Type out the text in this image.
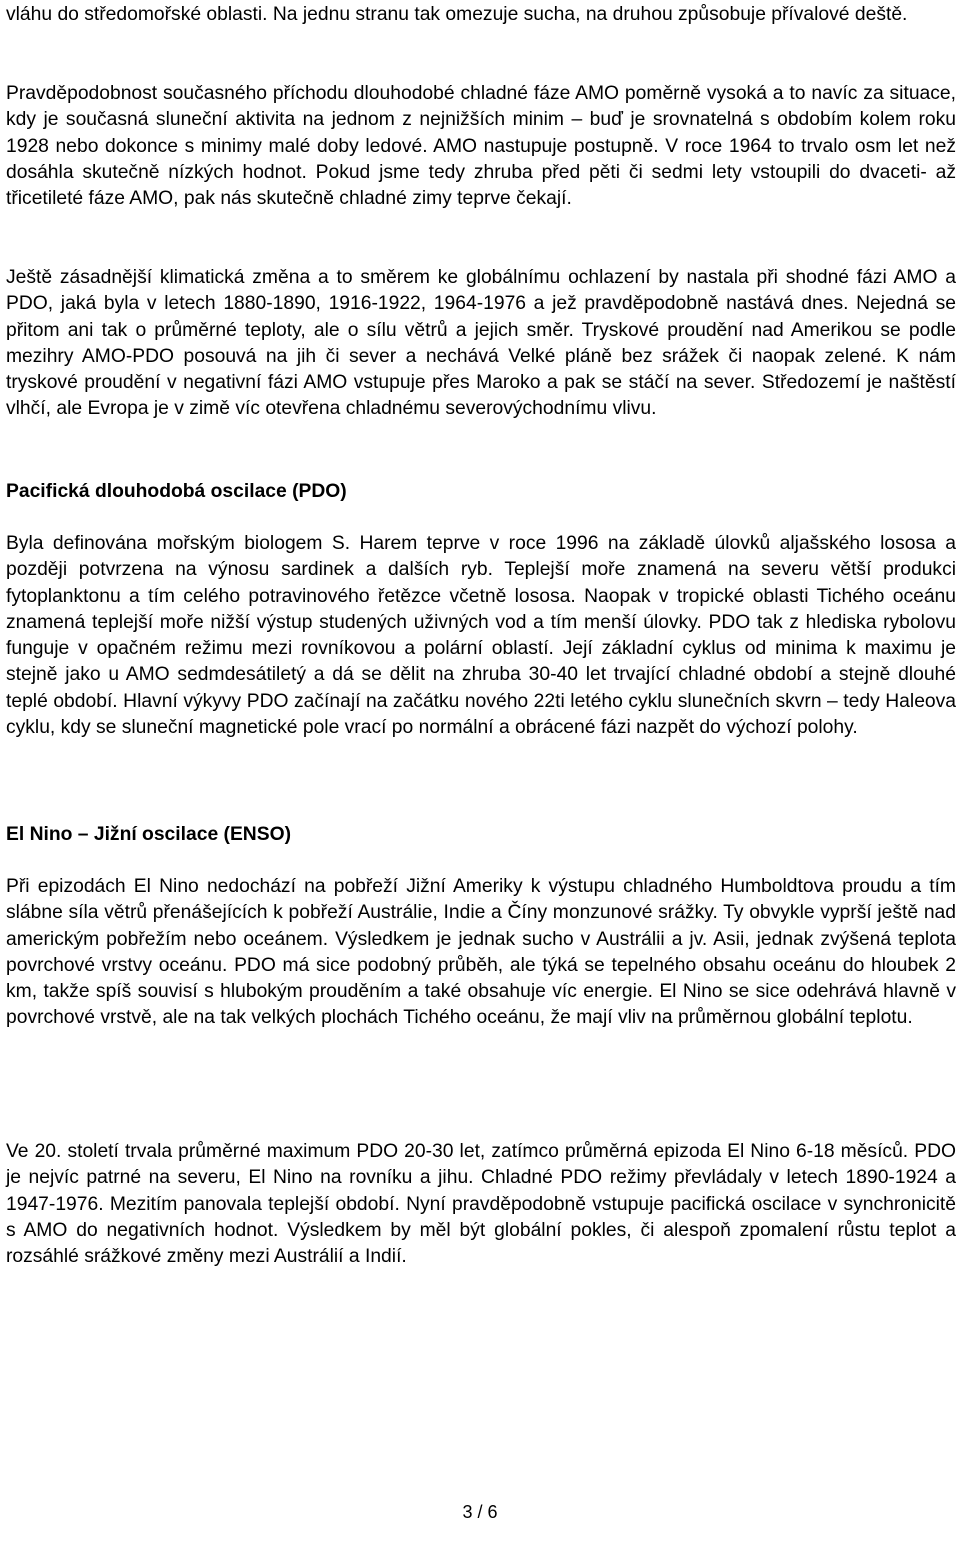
vláhu do středomořské oblasti. Na jednu stranu tak omezuje sucha, na druhou způsobuje přívalové deště.

Pravděpodobnost současného příchodu dlouhodobé chladné fáze AMO poměrně vysoká a to navíc za situace, kdy je současná sluneční aktivita na jednom z nejnižších minim – buď je srovnatelná s obdobím kolem roku 1928 nebo dokonce s minimy malé doby ledové. AMO nastupuje postupně. V roce 1964 to trvalo osm let než dosáhla skutečně nízkých hodnot. Pokud jsme tedy zhruba před pěti či sedmi lety vstoupili do dvaceti- až třicetileté fáze AMO, pak nás skutečně chladné zimy teprve čekají.

Ještě zásadnější klimatická změna a to směrem ke globálnímu ochlazení by nastala při shodné fázi AMO a PDO, jaká byla v letech 1880-1890, 1916-1922, 1964-1976 a jež pravděpodobně nastává dnes. Nejedná se přitom ani tak o průměrné teploty, ale o sílu větrů a jejich směr. Tryskové proudění nad Amerikou se podle mezihry AMO-PDO posouvá na jih či sever a nechává Velké pláně bez srážek či naopak zelené. K nám tryskové proudění v negativní fázi AMO vstupuje přes Maroko a pak se stáčí na sever. Středozemí je naštěstí vlhčí, ale Evropa je v zimě víc otevřena chladnému severovýchodnímu vlivu.

Pacifická dlouhodobá oscilace (PDO)

Byla definována mořským biologem S. Harem teprve v roce 1996 na základě úlovků aljašského lososa a později potvrzena na výnosu sardinek a dalších ryb. Teplejší moře znamená na severu větší produkci fytoplanktonu a tím celého potravinového řetězce včetně lososa. Naopak v tropické oblasti Tichého oceánu znamená teplejší moře nižší výstup studených uživných vod a tím menší úlovky. PDO tak z hlediska rybolovu funguje v opačném režimu mezi rovníkovou a polární oblastí. Její základní cyklus od minima k maximu je stejně jako u AMO sedmdesátiletý a dá se dělit na zhruba 30-40 let trvající chladné období a stejně dlouhé teplé období. Hlavní výkyvy PDO začínají na začátku nového 22ti letého cyklu slunečních skvrn – tedy Haleova cyklu, kdy se sluneční magnetické pole vrací po normální a obrácené fázi nazpět do výchozí polohy.

El Nino – Jižní oscilace (ENSO)

Při epizodách El Nino nedochází na pobřeží Jižní Ameriky k výstupu chladného Humboldtova proudu a tím slábne síla větrů přenášejících k pobřeží Austrálie, Indie a Číny monzunové srážky. Ty obvykle vyprší ještě nad americkým pobřežím nebo oceánem. Výsledkem je jednak sucho v Austrálii a jv. Asii, jednak zvýšená teplota povrchové vrstvy oceánu. PDO má sice podobný průběh, ale týká se tepelného obsahu oceánu do hloubek 2 km, takže spíš souvisí s hlubokým prouděním a také obsahuje víc energie. El Nino se sice odehrává hlavně v povrchové vrstvě, ale na tak velkých plochách Tichého oceánu, že mají vliv na průměrnou globální teplotu.

Ve 20. století trvala průměrné maximum PDO 20-30 let, zatímco průměrná epizoda El Nino 6-18 měsíců. PDO je nejvíc patrné na severu, El Nino na rovníku a jihu. Chladné PDO režimy převládaly v letech 1890-1924 a 1947-1976. Mezitím panovala teplejší období. Nyní pravděpodobně vstupuje pacifická oscilace v synchronicitě s AMO do negativních hodnot. Výsledkem by měl být globální pokles, či alespoň zpomalení růstu teplot a rozsáhlé srážkové změny mezi Austrálií a Indií.

3 / 6
